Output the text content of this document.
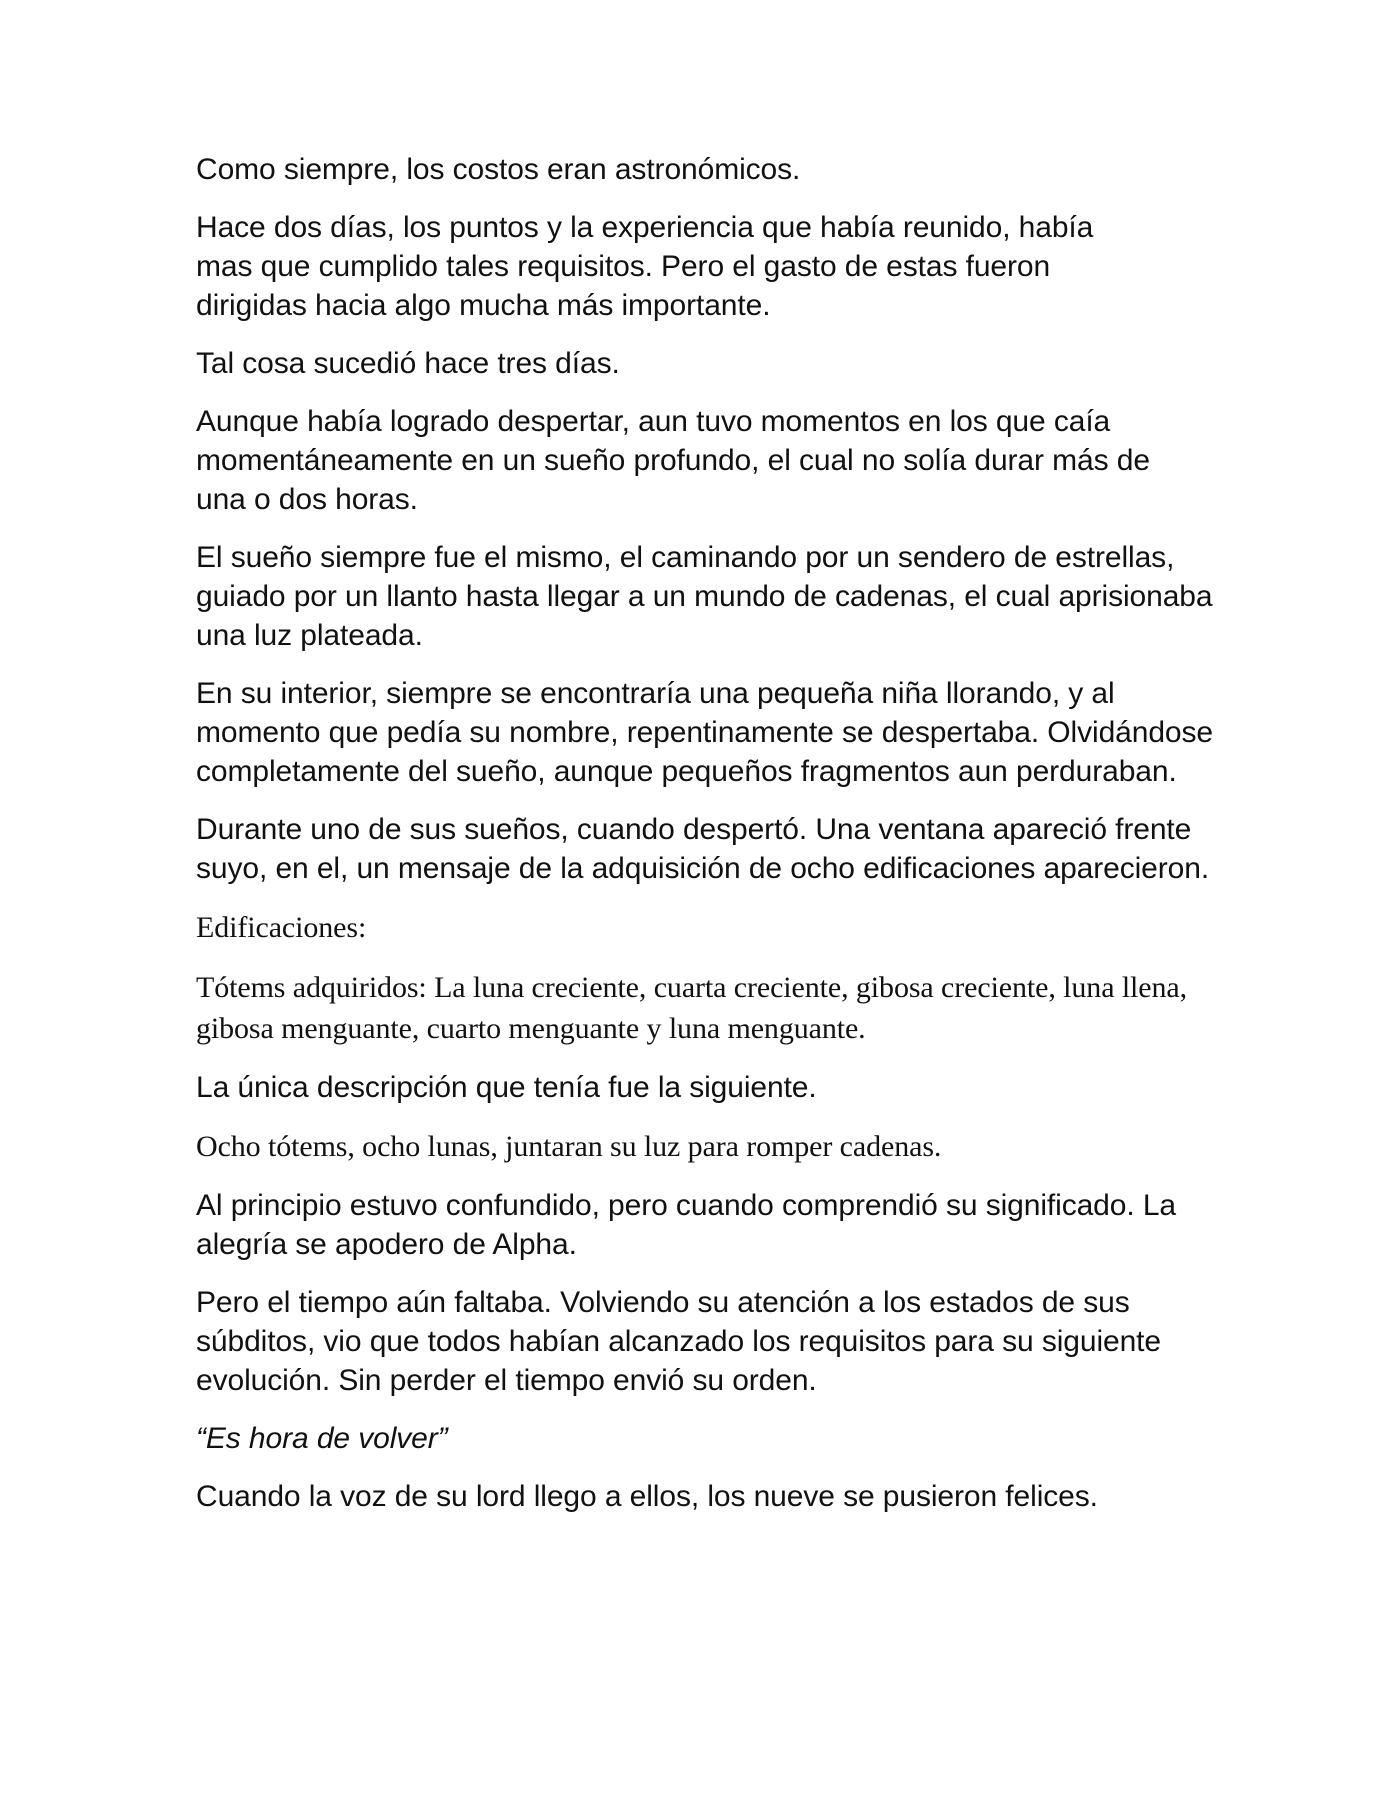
Como siempre, los costos eran astronómicos.

Hace dos días, los puntos y la experiencia que había reunido, había mas que cumplido tales requisitos. Pero el gasto de estas fueron dirigidas hacia algo mucha más importante.

Tal cosa sucedió hace tres días.

Aunque había logrado despertar, aun tuvo momentos en los que caía momentáneamente en un sueño profundo, el cual no solía durar más de una o dos horas.

El sueño siempre fue el mismo, el caminando por un sendero de estrellas, guiado por un llanto hasta llegar a un mundo de cadenas, el cual aprisionaba una luz plateada.

En su interior, siempre se encontraría una pequeña niña llorando, y al momento que pedía su nombre, repentinamente se despertaba. Olvidándose completamente del sueño, aunque pequeños fragmentos aun perduraban.

Durante uno de sus sueños, cuando despertó. Una ventana apareció frente suyo, en el, un mensaje de la adquisición de ocho edificaciones aparecieron.

Edificaciones:

Tótems adquiridos: La luna creciente, cuarta creciente, gibosa creciente, luna llena, gibosa menguante, cuarto menguante y luna menguante.

La única descripción que tenía fue la siguiente.

Ocho tótems, ocho lunas, juntaran su luz para romper cadenas.

Al principio estuvo confundido, pero cuando comprendió su significado. La alegría se apodero de Alpha.

Pero el tiempo aún faltaba. Volviendo su atención a los estados de sus súbditos, vio que todos habían alcanzado los requisitos para su siguiente evolución. Sin perder el tiempo envió su orden.

“Es hora de volver”

Cuando la voz de su lord llego a ellos, los nueve se pusieron felices.
